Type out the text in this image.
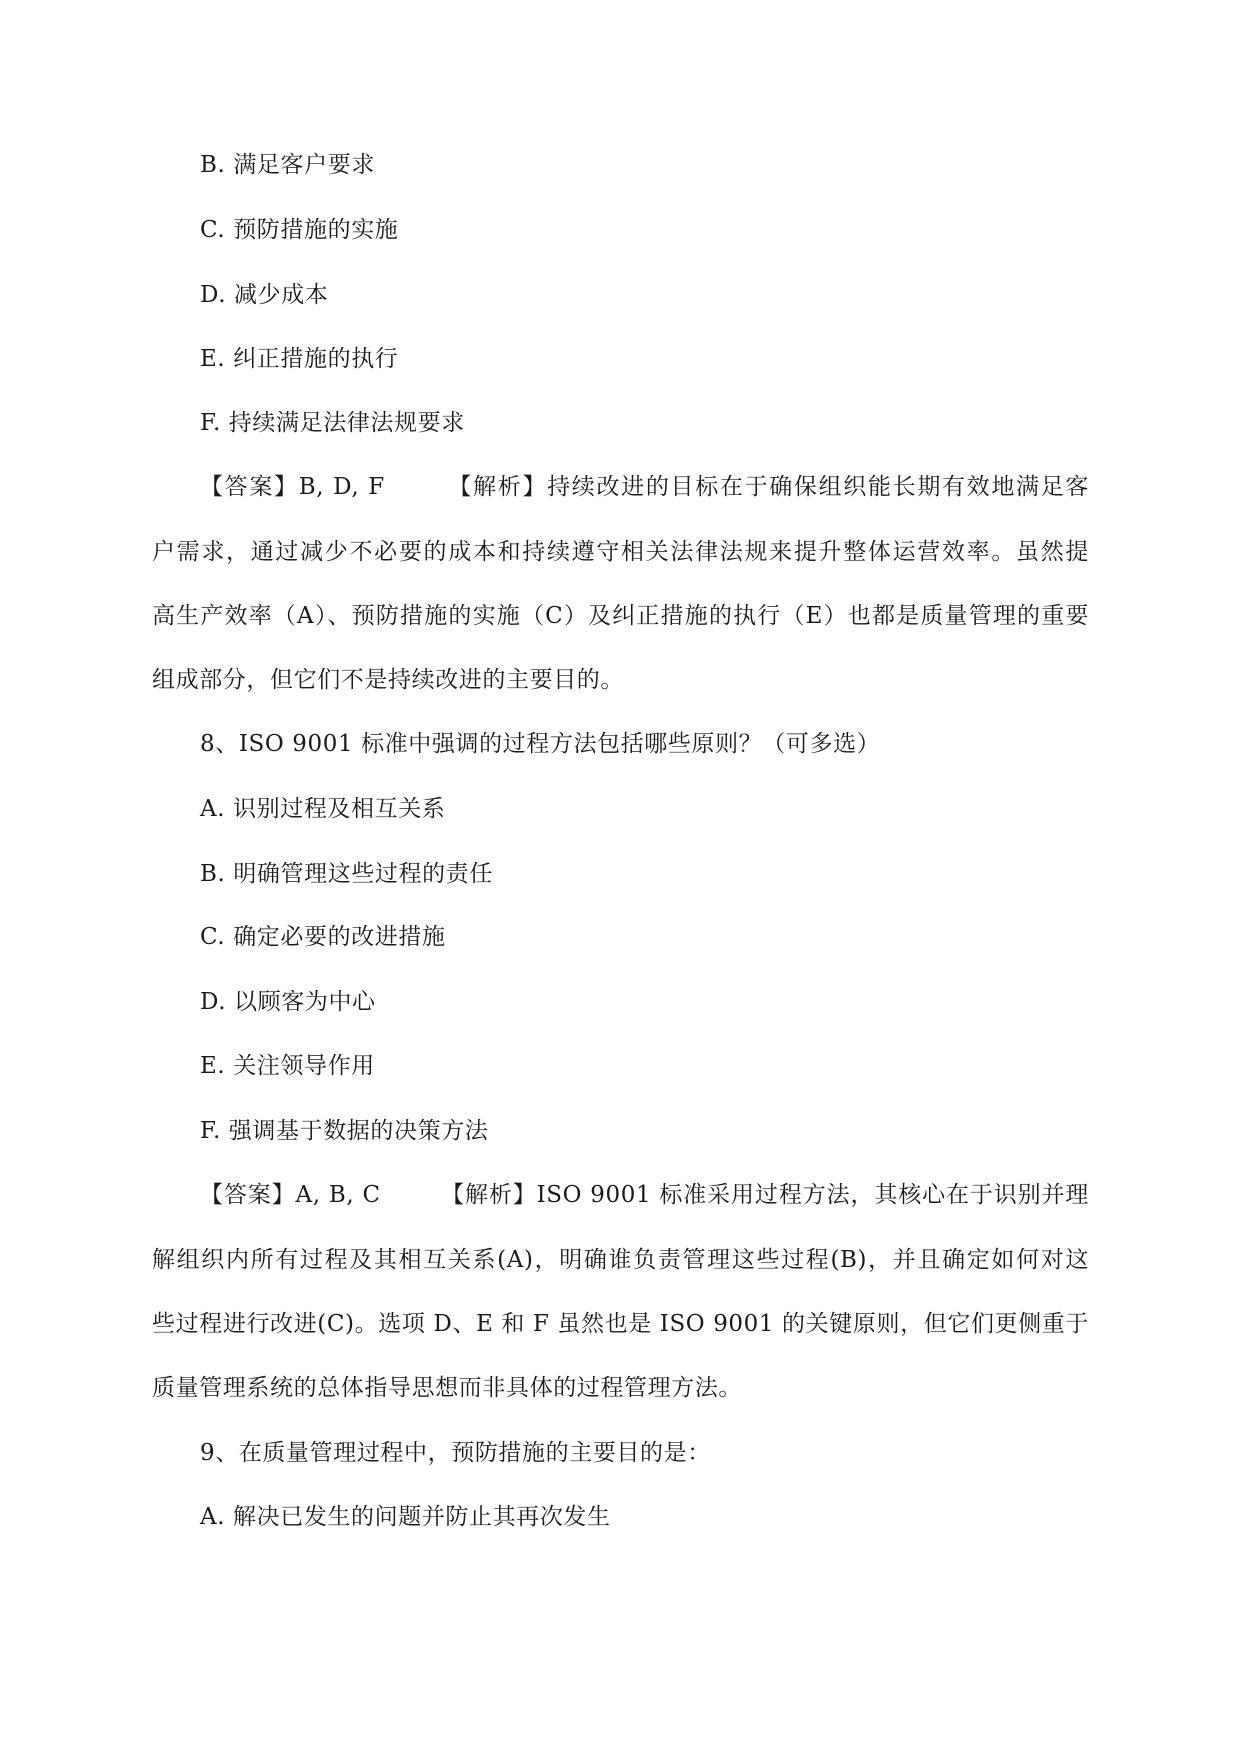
B. 满足客户要求
C. 预防措施的实施
D. 减少成本
E. 纠正措施的执行
F. 持续满足法律法规要求
【答案】B, D, F　　　【解析】持续改进的目标在于确保组织能长期有效地满足客
户需求，通过减少不必要的成本和持续遵守相关法律法规来提升整体运营效率。虽然提
高生产效率（A）、预防措施的实施（C）及纠正措施的执行（E）也都是质量管理的重要
组成部分，但它们不是持续改进的主要目的。
8、ISO 9001 标准中强调的过程方法包括哪些原则？（可多选）
A. 识别过程及相互关系
B. 明确管理这些过程的责任
C. 确定必要的改进措施
D. 以顾客为中心
E. 关注领导作用
F. 强调基于数据的决策方法
【答案】A, B, C　　　【解析】ISO 9001 标准采用过程方法，其核心在于识别并理
解组织内所有过程及其相互关系(A)，明确谁负责管理这些过程(B)，并且确定如何对这
些过程进行改进(C)。选项 D、E 和 F 虽然也是 ISO 9001 的关键原则，但它们更侧重于
质量管理系统的总体指导思想而非具体的过程管理方法。
9、在质量管理过程中，预防措施的主要目的是：
A. 解决已发生的问题并防止其再次发生
